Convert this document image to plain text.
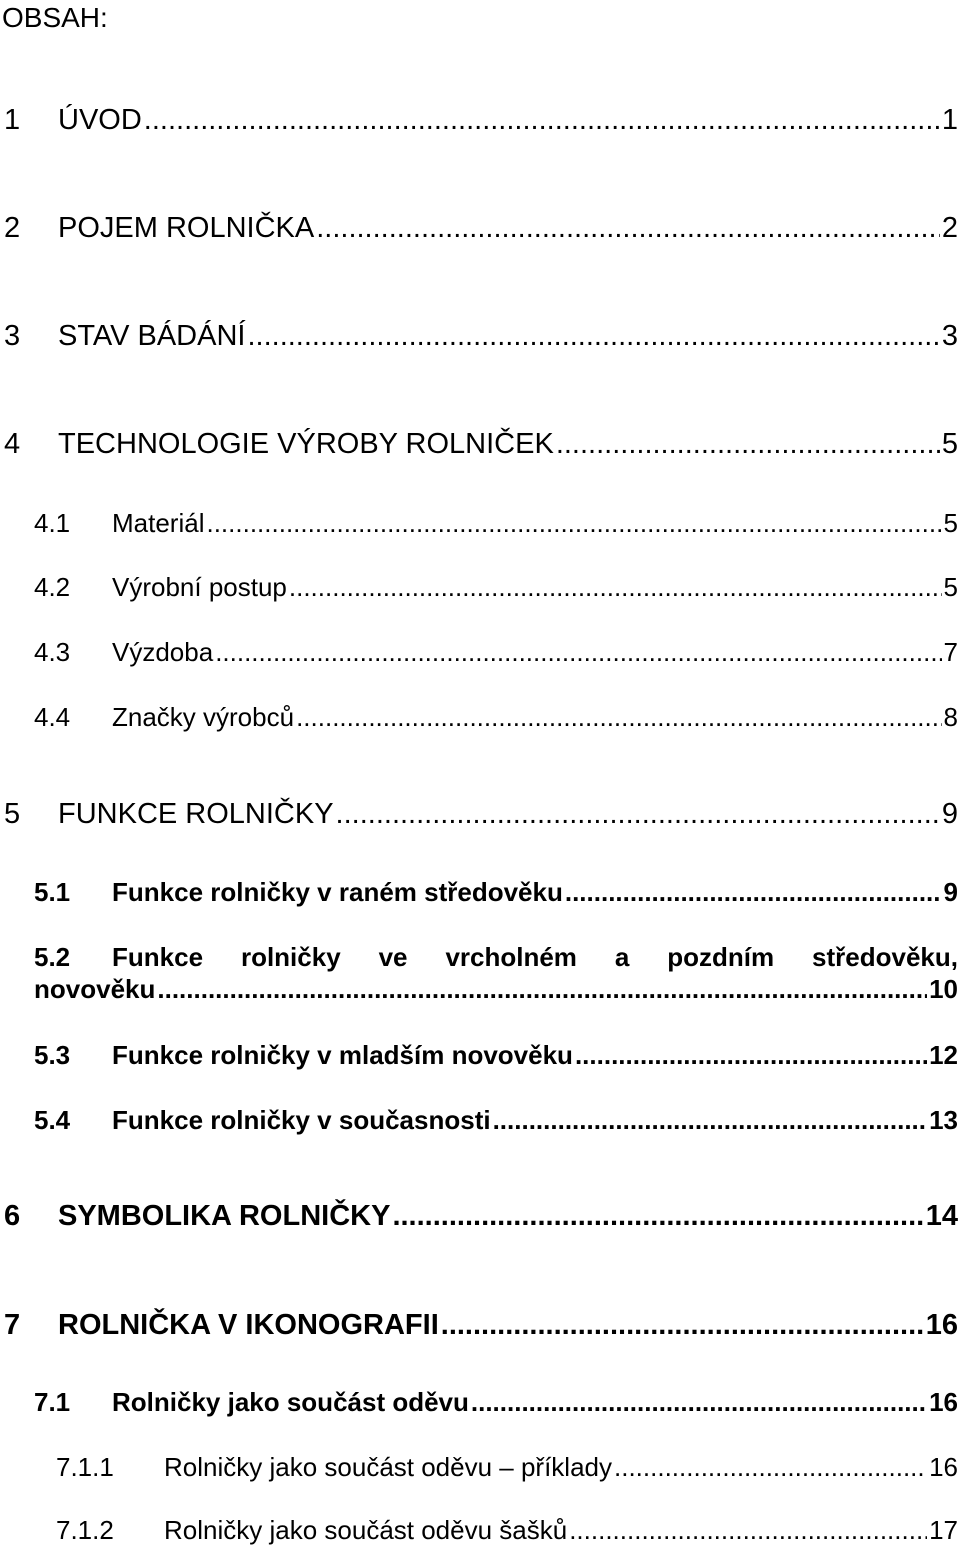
OBSAH:
1	ÚVOD .....	1
2	POJEM ROLNIČKA .....	2
3	STAV BÁDÁNÍ .....	3
4	TECHNOLOGIE VÝROBY ROLNIČEK .....	5
4.1	Materiál .....	5
4.2	Výrobní postup .....	5
4.3	Výzdoba .....	7
4.4	Značky výrobců .....	8
5	FUNKCE ROLNIČKY .....	9
5.1	Funkce rolničky v raném středověku .....	9
5.2	Funkce rolničky ve vrcholném a pozdním středověku,
novověku .....	10
5.3	Funkce rolničky v mladším novověku .....	12
5.4	Funkce rolničky v současnosti .....	13
6	SYMBOLIKA ROLNIČKY .....	14
7	ROLNIČKA V IKONOGRAFII .....	16
7.1	Rolničky jako součást oděvu .....	16
7.1.1	Rolničky jako součást oděvu – příklady .....	16
7.1.2	Rolničky jako součást oděvu šašků .....	17
